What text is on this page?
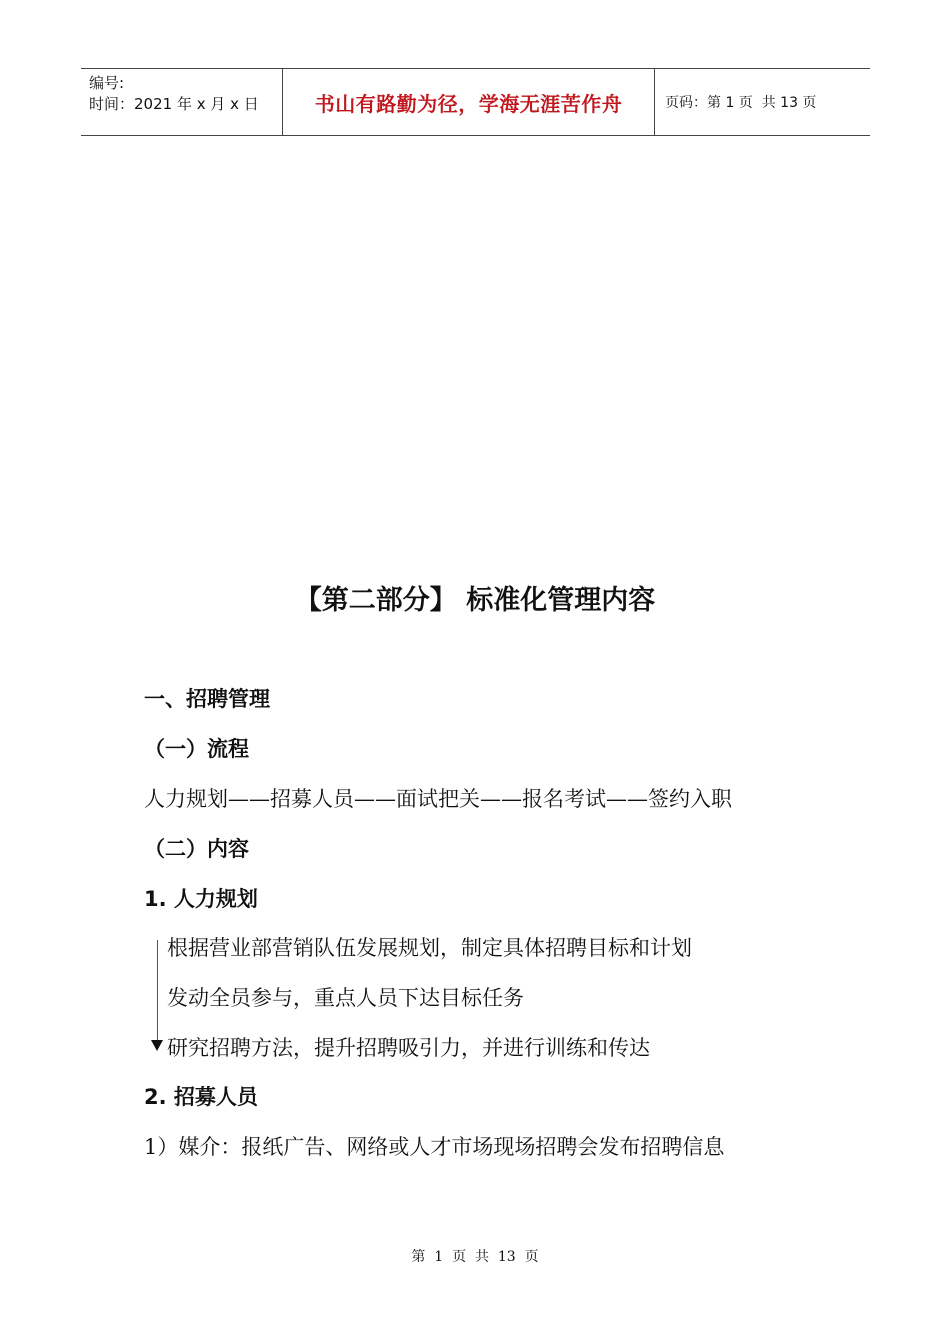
编号:
时间：2021 年 x 月 x 日	书山有路勤为径，学海无涯苦作舟	页码：第 1 页  共 13 页
【第二部分】 标准化管理内容
一、招聘管理
（一）流程
人力规划——招募人员——面试把关——报名考试——签约入职
（二）内容
1. 人力规划
根据营业部营销队伍发展规划，制定具体招聘目标和计划
发动全员参与，重点人员下达目标任务
研究招聘方法，提升招聘吸引力，并进行训练和传达
2. 招募人员
1）媒介：报纸广告、网络或人才市场现场招聘会发布招聘信息
第  1  页  共  13  页
